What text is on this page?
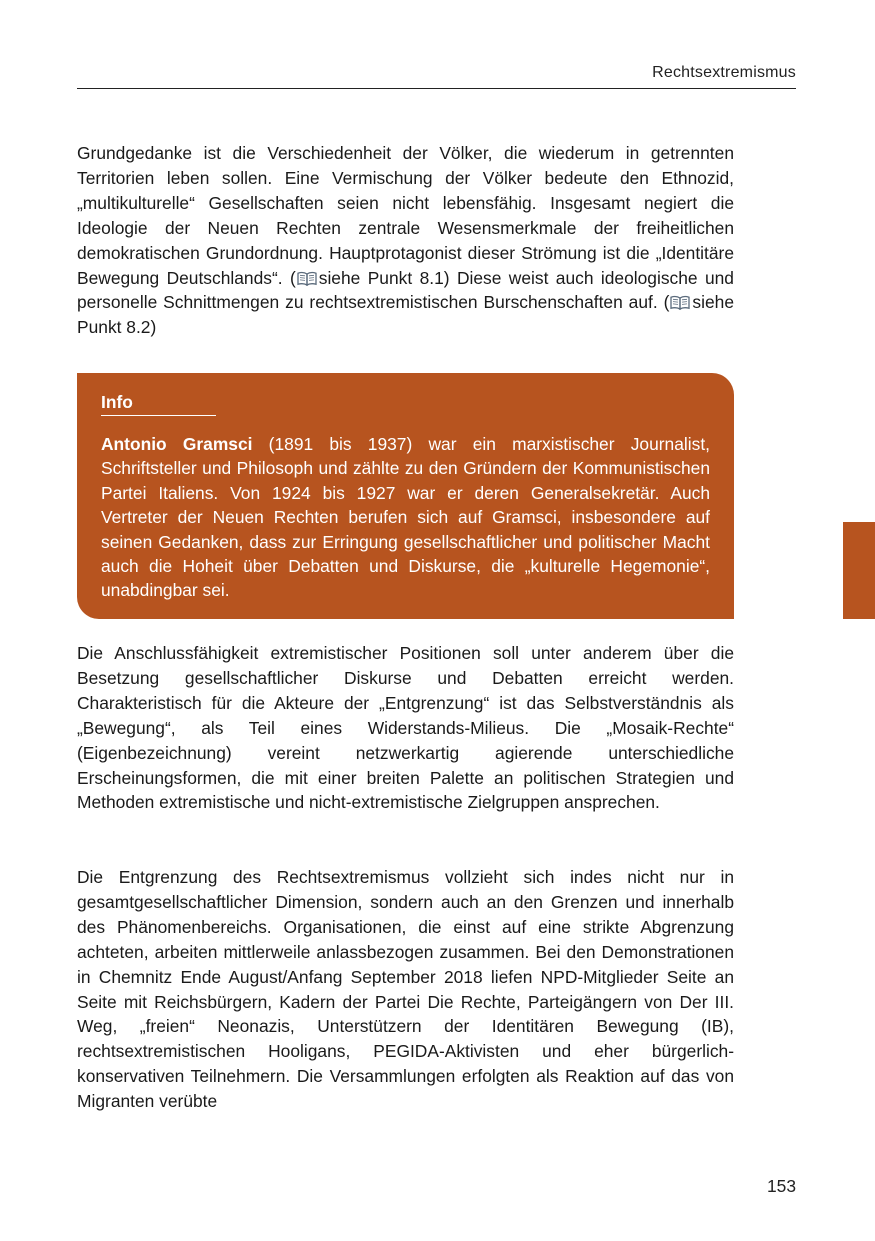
Rechtsextremismus
Grundgedanke ist die Verschiedenheit der Völker, die wiederum in getrennten Territorien leben sollen. Eine Vermischung der Völker bedeute den Ethnozid, „multikulturelle“ Gesellschaften seien nicht lebensfähig. Insgesamt negiert die Ideologie der Neuen Rechten zentrale Wesensmerkmale der freiheitlichen demokratischen Grundordnung. Hauptprotagonist dieser Strömung ist die „Identitäre Bewegung Deutschlands“. ( siehe Punkt 8.1) Diese weist auch ideologische und personelle Schnittmengen zu rechtsextremistischen Burschenschaften auf. ( siehe Punkt 8.2)
Info
Antonio Gramsci (1891 bis 1937) war ein marxistischer Journalist, Schriftsteller und Philosoph und zählte zu den Gründern der Kommunistischen Partei Italiens. Von 1924 bis 1927 war er deren Generalsekretär. Auch Vertreter der Neuen Rechten berufen sich auf Gramsci, insbesondere auf seinen Gedanken, dass zur Erringung gesellschaftlicher und politischer Macht auch die Hoheit über Debatten und Diskurse, die „kulturelle Hegemonie“, unabdingbar sei.
Die Anschlussfähigkeit extremistischer Positionen soll unter anderem über die Besetzung gesellschaftlicher Diskurse und Debatten erreicht werden. Charakteristisch für die Akteure der „Entgrenzung“ ist das Selbstverständnis als „Bewegung“, als Teil eines Widerstands-Milieus. Die „Mosaik-Rechte“ (Eigenbezeichnung) vereint netzwerkartig agierende unterschiedliche Erscheinungsformen, die mit einer breiten Palette an politischen Strategien und Methoden extremistische und nicht-extremistische Zielgruppen ansprechen.
Die Entgrenzung des Rechtsextremismus vollzieht sich indes nicht nur in gesamtgesellschaftlicher Dimension, sondern auch an den Grenzen und innerhalb des Phänomenbereichs. Organisationen, die einst auf eine strikte Abgrenzung achteten, arbeiten mittlerweile anlassbezogen zusammen. Bei den Demonstrationen in Chemnitz Ende August/Anfang September 2018 liefen NPD-Mitglieder Seite an Seite mit Reichsbürgern, Kadern der Partei Die Rechte, Parteigängern von Der III. Weg, „freien“ Neonazis, Unterstützern der Identitären Bewegung (IB), rechtsextremistischen Hooligans, PEGIDA-Aktivisten und eher bürgerlich-konservativen Teilnehmern. Die Versammlungen erfolgten als Reaktion auf das von Migranten verübte
153
